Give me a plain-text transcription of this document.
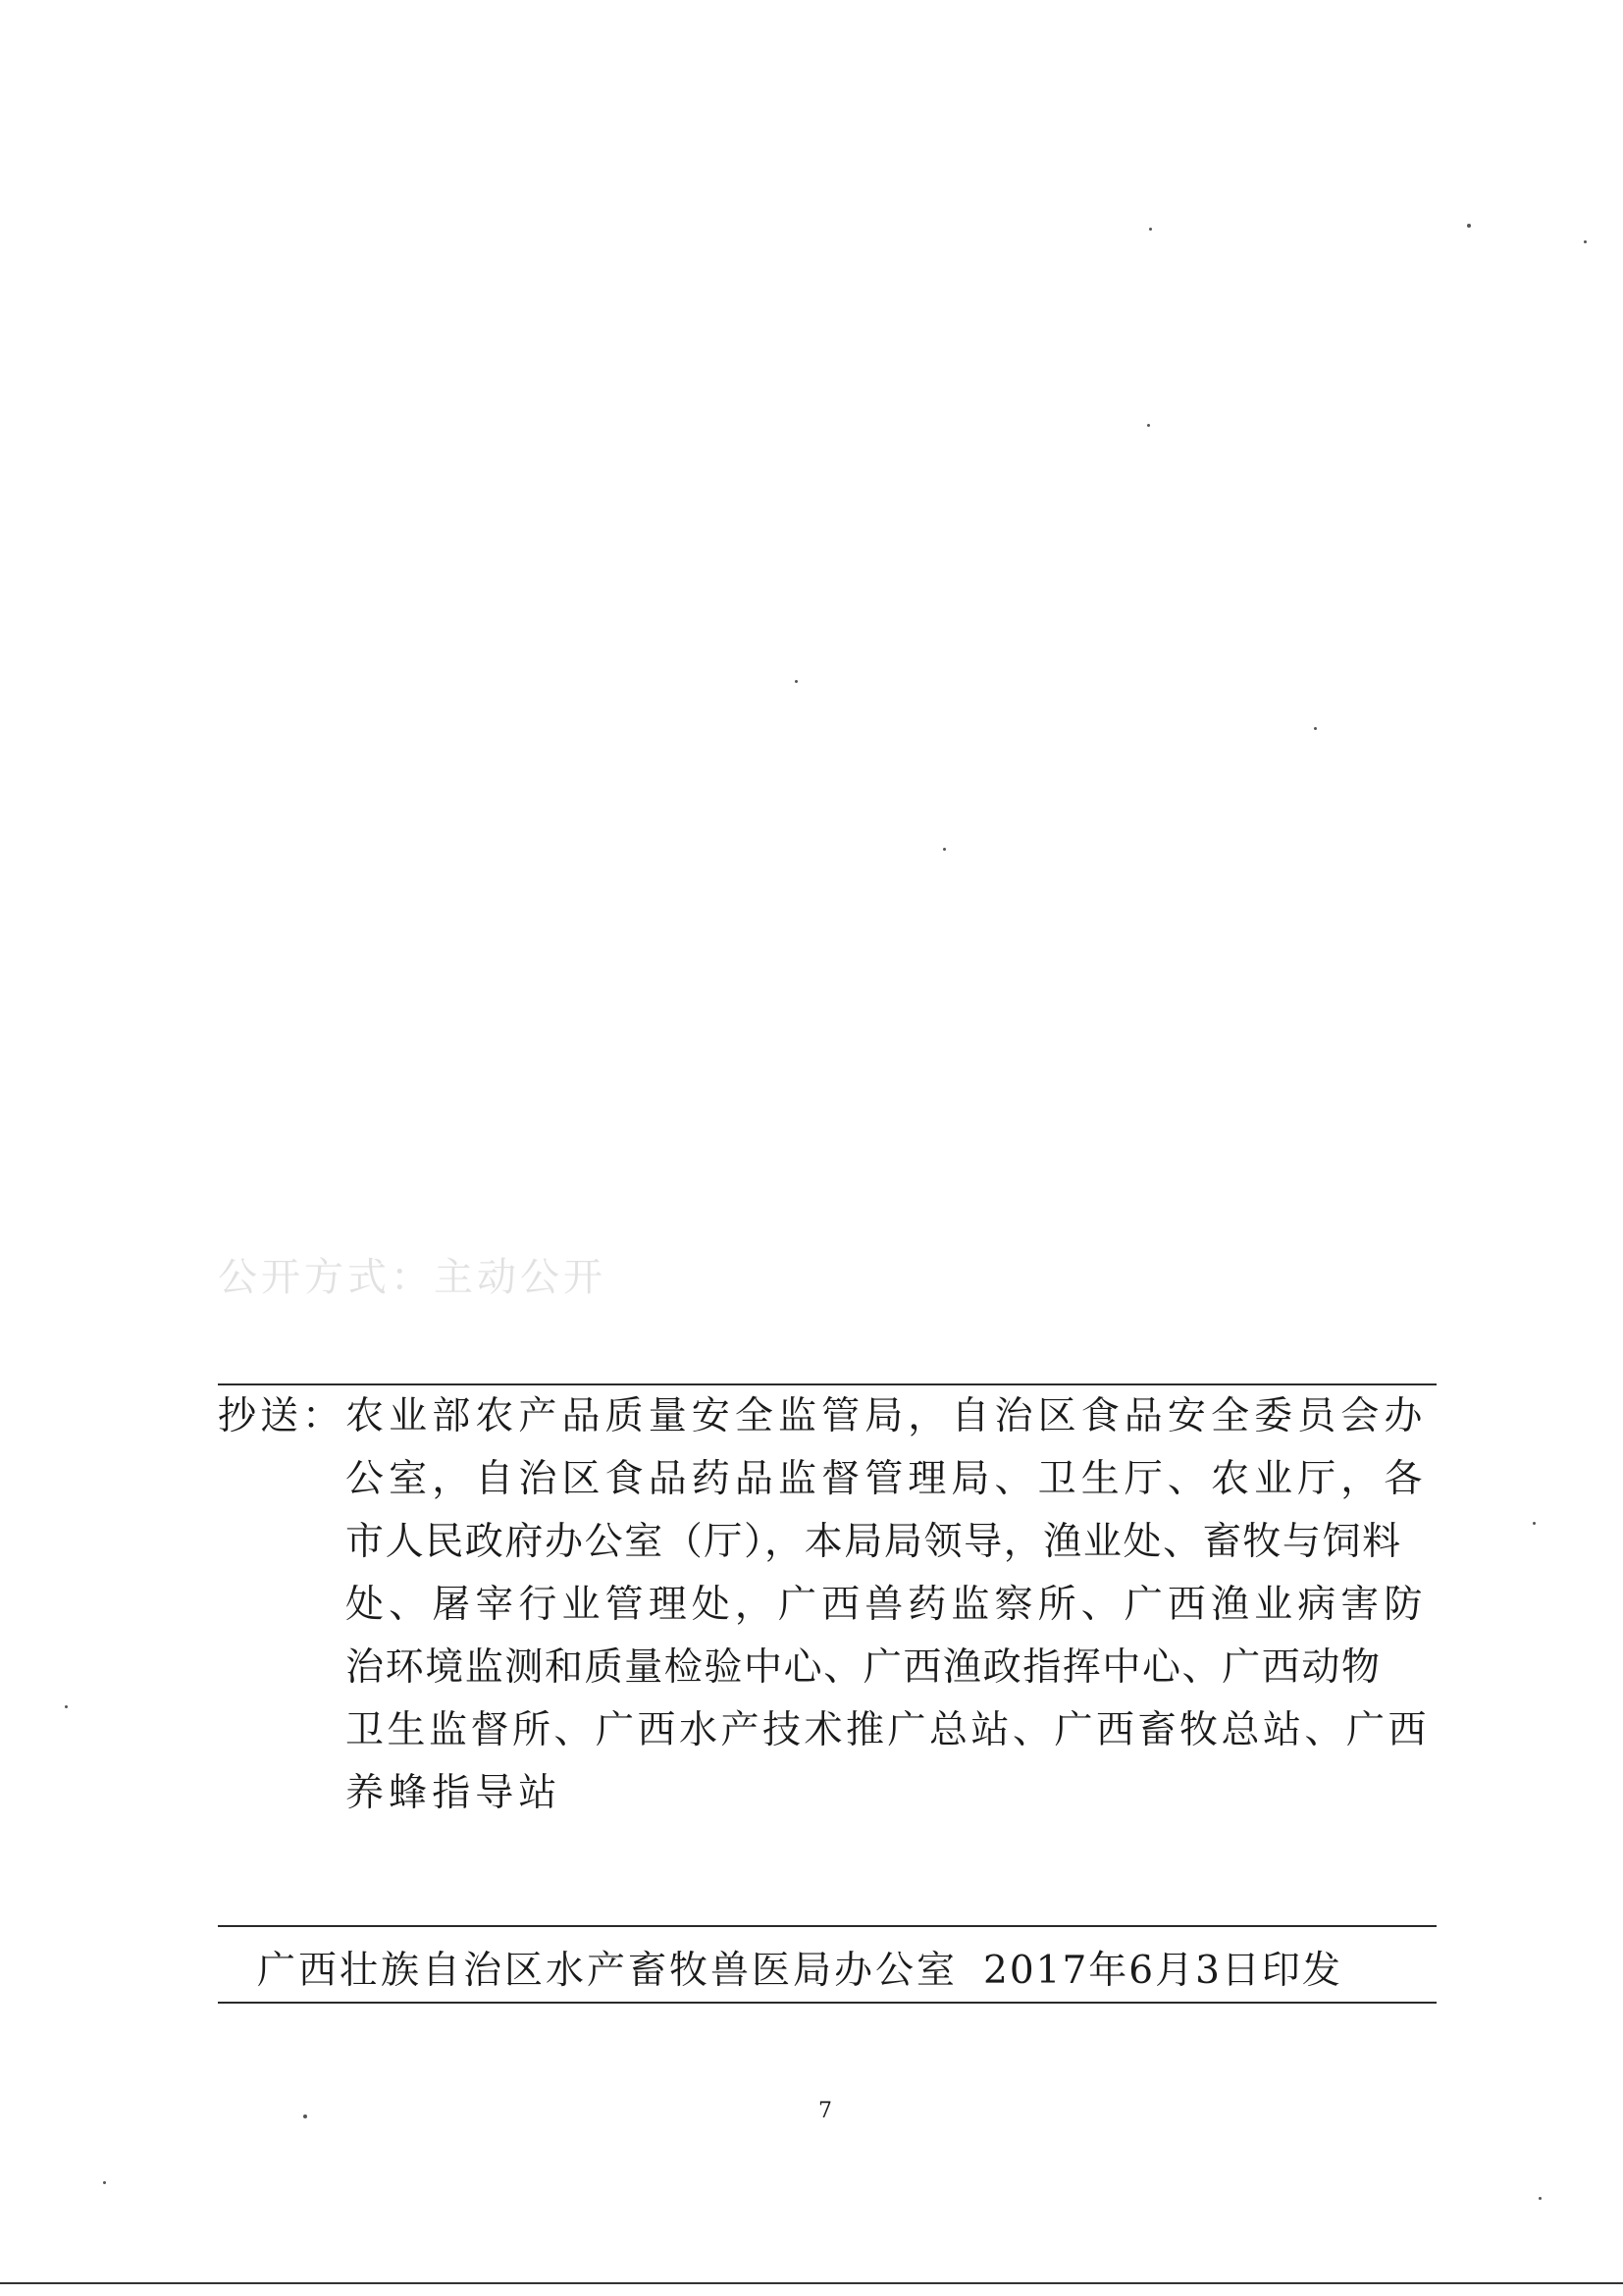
公开方式：主动公开
抄送： 农业部农产品质量安全监管局，自治区食品安全委员会办
公室，自治区食品药品监督管理局、卫生厅、农业厅，各
市人民政府办公室（厅），本局局领导，渔业处、畜牧与饲料
处、屠宰行业管理处，广西兽药监察所、广西渔业病害防
治环境监测和质量检验中心、广西渔政指挥中心、广西动物
卫生监督所、广西水产技术推广总站、广西畜牧总站、广西
养蜂指导站
广西壮族自治区水产畜牧兽医局办公室 2017年6月3日印发
7
